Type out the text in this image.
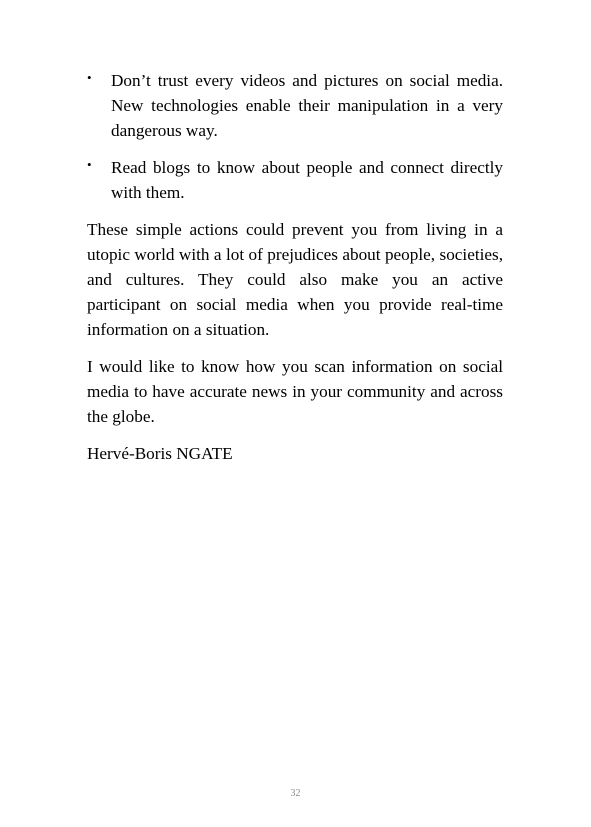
• Don’t trust every videos and pictures on social media. New technologies enable their manipulation in a very dangerous way.
• Read blogs to know about people and connect directly with them.

These simple actions could prevent you from living in a utopic world with a lot of prejudices about people, societies, and cultures. They could also make you an active participant on social media when you provide real-time information on a situation.

I would like to know how you scan information on social media to have accurate news in your community and across the globe.

Hervé-Boris NGATE

32
